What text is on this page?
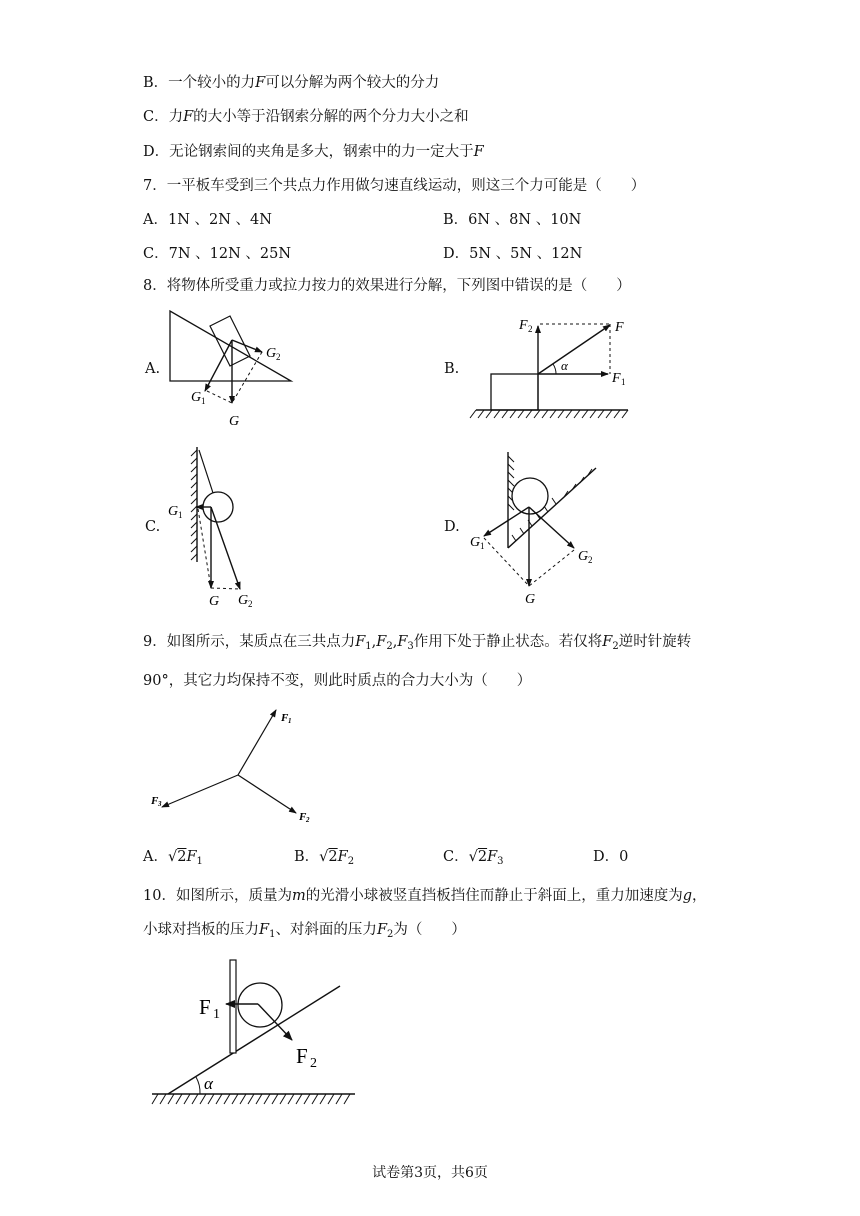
B．一个较小的力F可以分解为两个较大的分力
C．力F的大小等于沿钢索分解的两个分力大小之和
D．无论钢索间的夹角是多大，钢索中的力一定大于F
7．一平板车受到三个共点力作用做匀速直线运动，则这三个力可能是（　　）
A．1N 、2N 、4N	B．6N 、8N 、10N
C．7N 、12N 、25N	D．5N 、5N 、12N
8．将物体所受重力或拉力按力的效果进行分解，下列图中错误的是（　　）
A.
G
G 1
G 2
B.	α
F 2	F
F 1
C.
G 1
G G 2
D.
G 1
G
G 2
9．如图所示，某质点在三共点力$F_1,F_2,F_3$作用下处于静止状态。若仅将$F_2$逆时针旋转
90°，其它力均保持不变，则此时质点的合力大小为（　　）
F 1
F 2
F 3
A．$√2F_1$	B．$√2F_2$	C．$√2F_3$	D．0
10．如图所示，质量为m的光滑小球被竖直挡板挡住而静止于斜面上，重力加速度为g，
小球对挡板的压力$F_1$、对斜面的压力$F_2$为（　　）
α
F 1
F 2
试卷第3页，共6页
